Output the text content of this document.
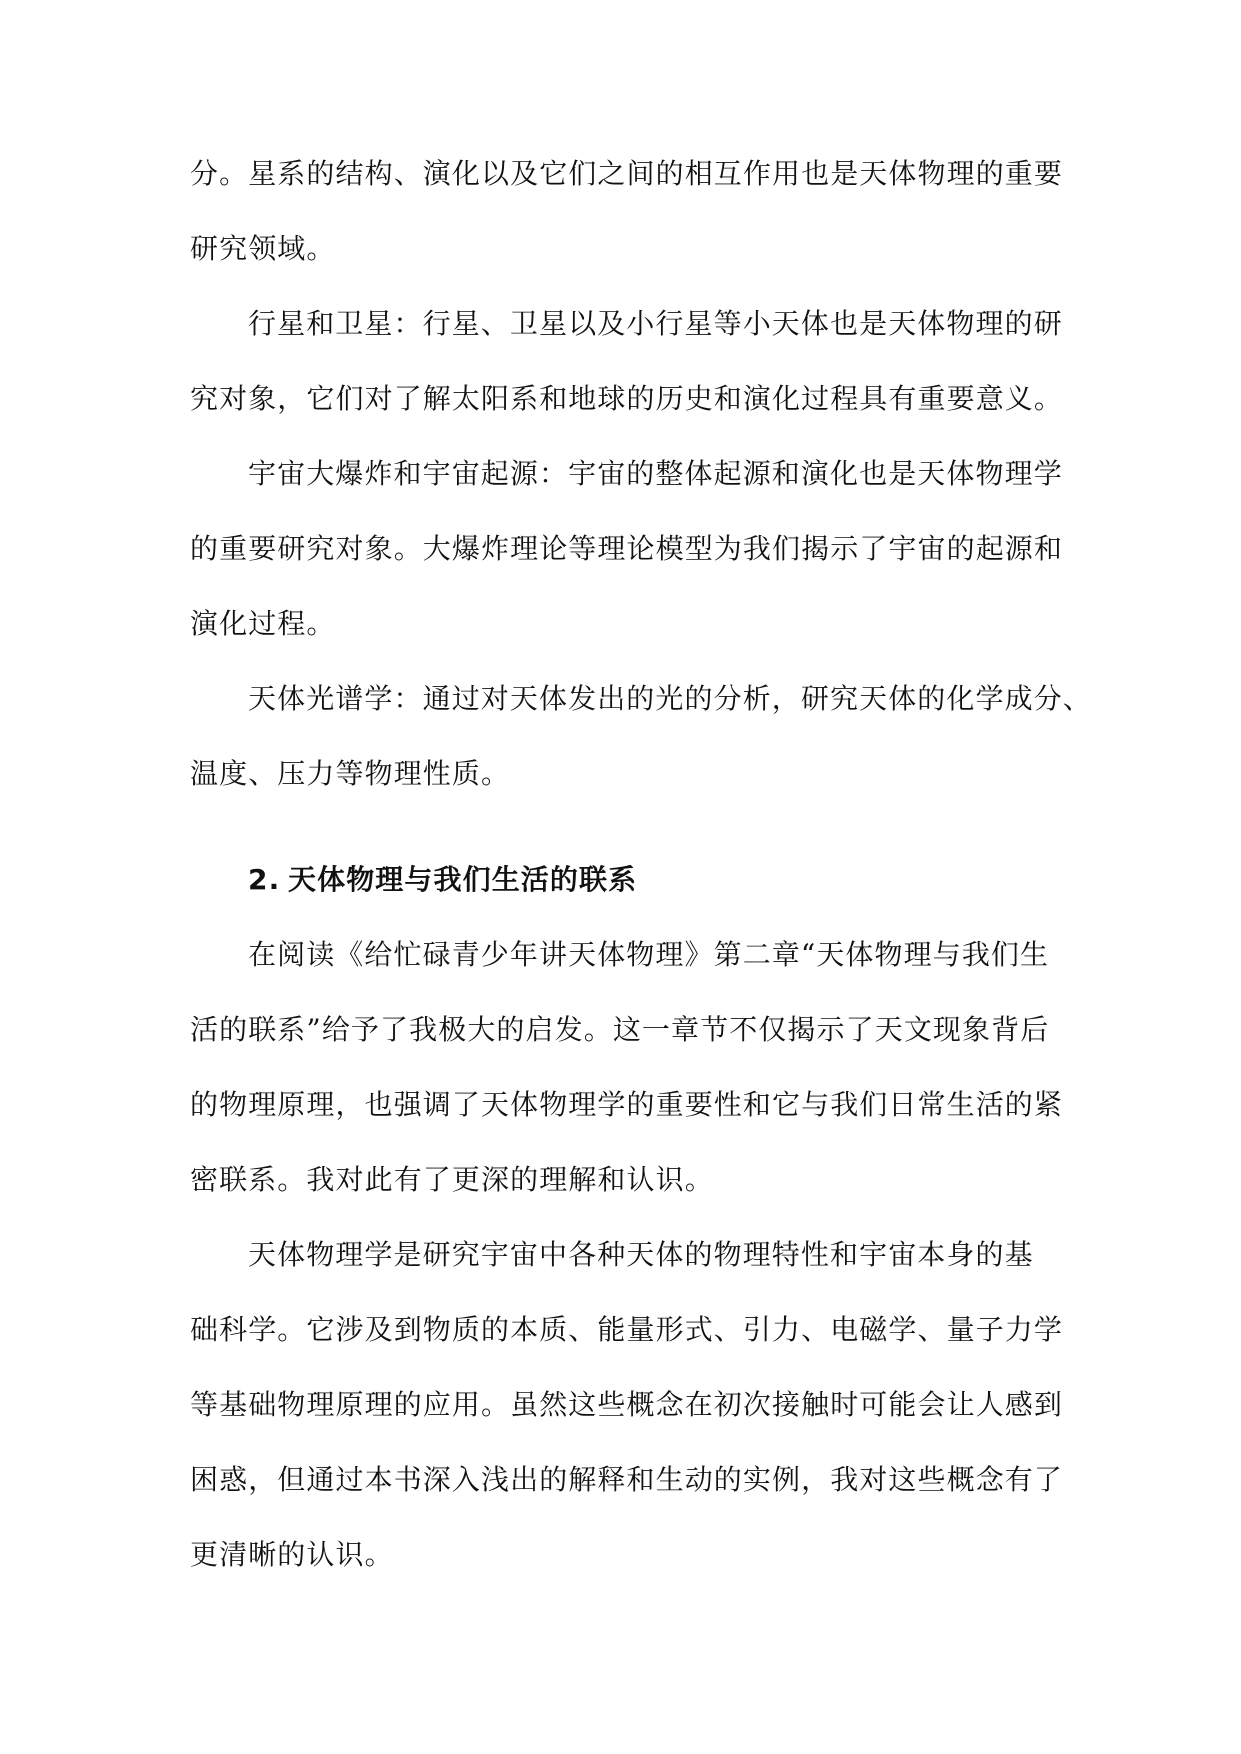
分。星系的结构、演化以及它们之间的相互作用也是天体物理的重要
研究领域。

行星和卫星：行星、卫星以及小行星等小天体也是天体物理的研
究对象，它们对了解太阳系和地球的历史和演化过程具有重要意义。

宇宙大爆炸和宇宙起源：宇宙的整体起源和演化也是天体物理学
的重要研究对象。大爆炸理论等理论模型为我们揭示了宇宙的起源和
演化过程。

天体光谱学：通过对天体发出的光的分析，研究天体的化学成分、
温度、压力等物理性质。

2. 天体物理与我们生活的联系

在阅读《给忙碌青少年讲天体物理》第二章“天体物理与我们生
活的联系”给予了我极大的启发。这一章节不仅揭示了天文现象背后
的物理原理，也强调了天体物理学的重要性和它与我们日常生活的紧
密联系。我对此有了更深的理解和认识。

天体物理学是研究宇宙中各种天体的物理特性和宇宙本身的基
础科学。它涉及到物质的本质、能量形式、引力、电磁学、量子力学
等基础物理原理的应用。虽然这些概念在初次接触时可能会让人感到
困惑，但通过本书深入浅出的解释和生动的实例，我对这些概念有了
更清晰的认识。
